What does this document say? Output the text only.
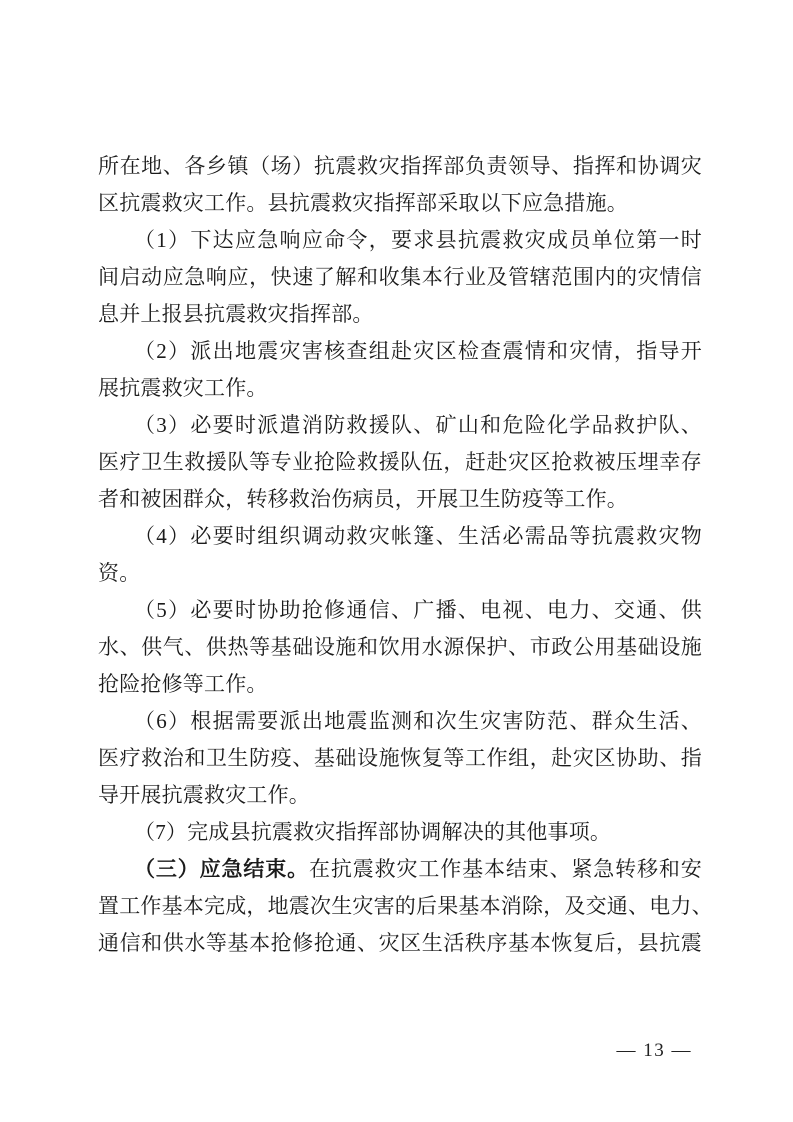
所在地、各乡镇（场）抗震救灾指挥部负责领导、指挥和协调灾
区抗震救灾工作。县抗震救灾指挥部采取以下应急措施。
（1）下达应急响应命令，要求县抗震救灾成员单位第一时
间启动应急响应，快速了解和收集本行业及管辖范围内的灾情信
息并上报县抗震救灾指挥部。
（2）派出地震灾害核查组赴灾区检查震情和灾情，指导开
展抗震救灾工作。
（3）必要时派遣消防救援队、矿山和危险化学品救护队、
医疗卫生救援队等专业抢险救援队伍，赶赴灾区抢救被压埋幸存
者和被困群众，转移救治伤病员，开展卫生防疫等工作。
（4）必要时组织调动救灾帐篷、生活必需品等抗震救灾物
资。
（5）必要时协助抢修通信、广播、电视、电力、交通、供
水、供气、供热等基础设施和饮用水源保护、市政公用基础设施
抢险抢修等工作。
（6）根据需要派出地震监测和次生灾害防范、群众生活、
医疗救治和卫生防疫、基础设施恢复等工作组，赴灾区协助、指
导开展抗震救灾工作。
（7）完成县抗震救灾指挥部协调解决的其他事项。
（三）应急结束。在抗震救灾工作基本结束、紧急转移和安
置工作基本完成，地震次生灾害的后果基本消除，及交通、电力、
通信和供水等基本抢修抢通、灾区生活秩序基本恢复后，县抗震
— 13 —
